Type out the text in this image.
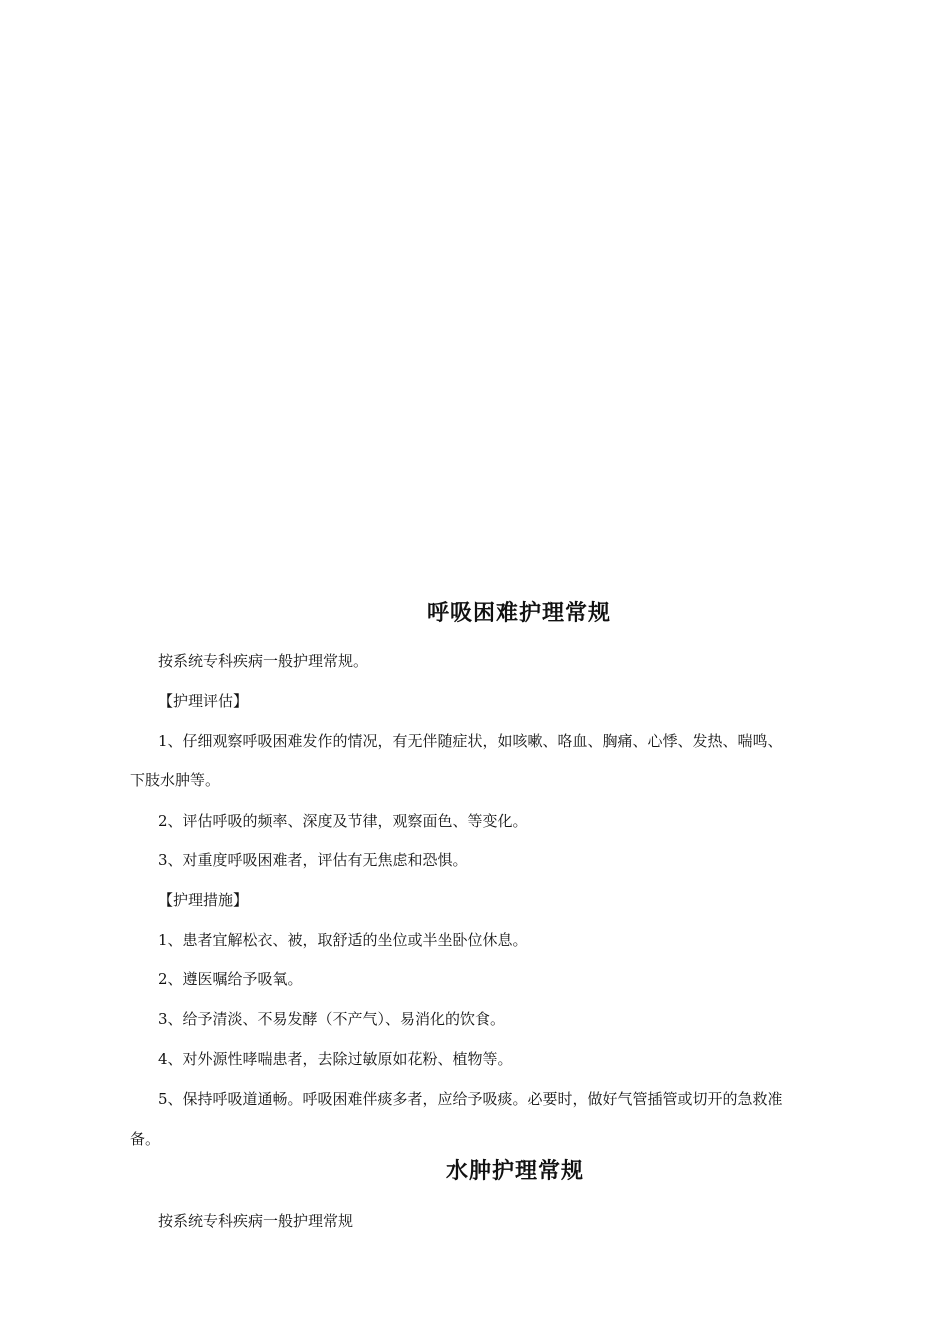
呼吸困难护理常规
按系统专科疾病一般护理常规。
【护理评估】
1、仔细观察呼吸困难发作的情况，有无伴随症状，如咳嗽、咯血、胸痛、心悸、发热、喘鸣、
下肢水肿等。
2、评估呼吸的频率、深度及节律，观察面色、等变化。
3、对重度呼吸困难者，评估有无焦虑和恐惧。
【护理措施】
1、患者宜解松衣、被，取舒适的坐位或半坐卧位休息。
2、遵医嘱给予吸氧。
3、给予清淡、不易发酵（不产气）、易消化的饮食。
4、对外源性哮喘患者，去除过敏原如花粉、植物等。
5、保持呼吸道通畅。呼吸困难伴痰多者，应给予吸痰。必要时，做好气管插管或切开的急救准
备。
水肿护理常规
按系统专科疾病一般护理常规
